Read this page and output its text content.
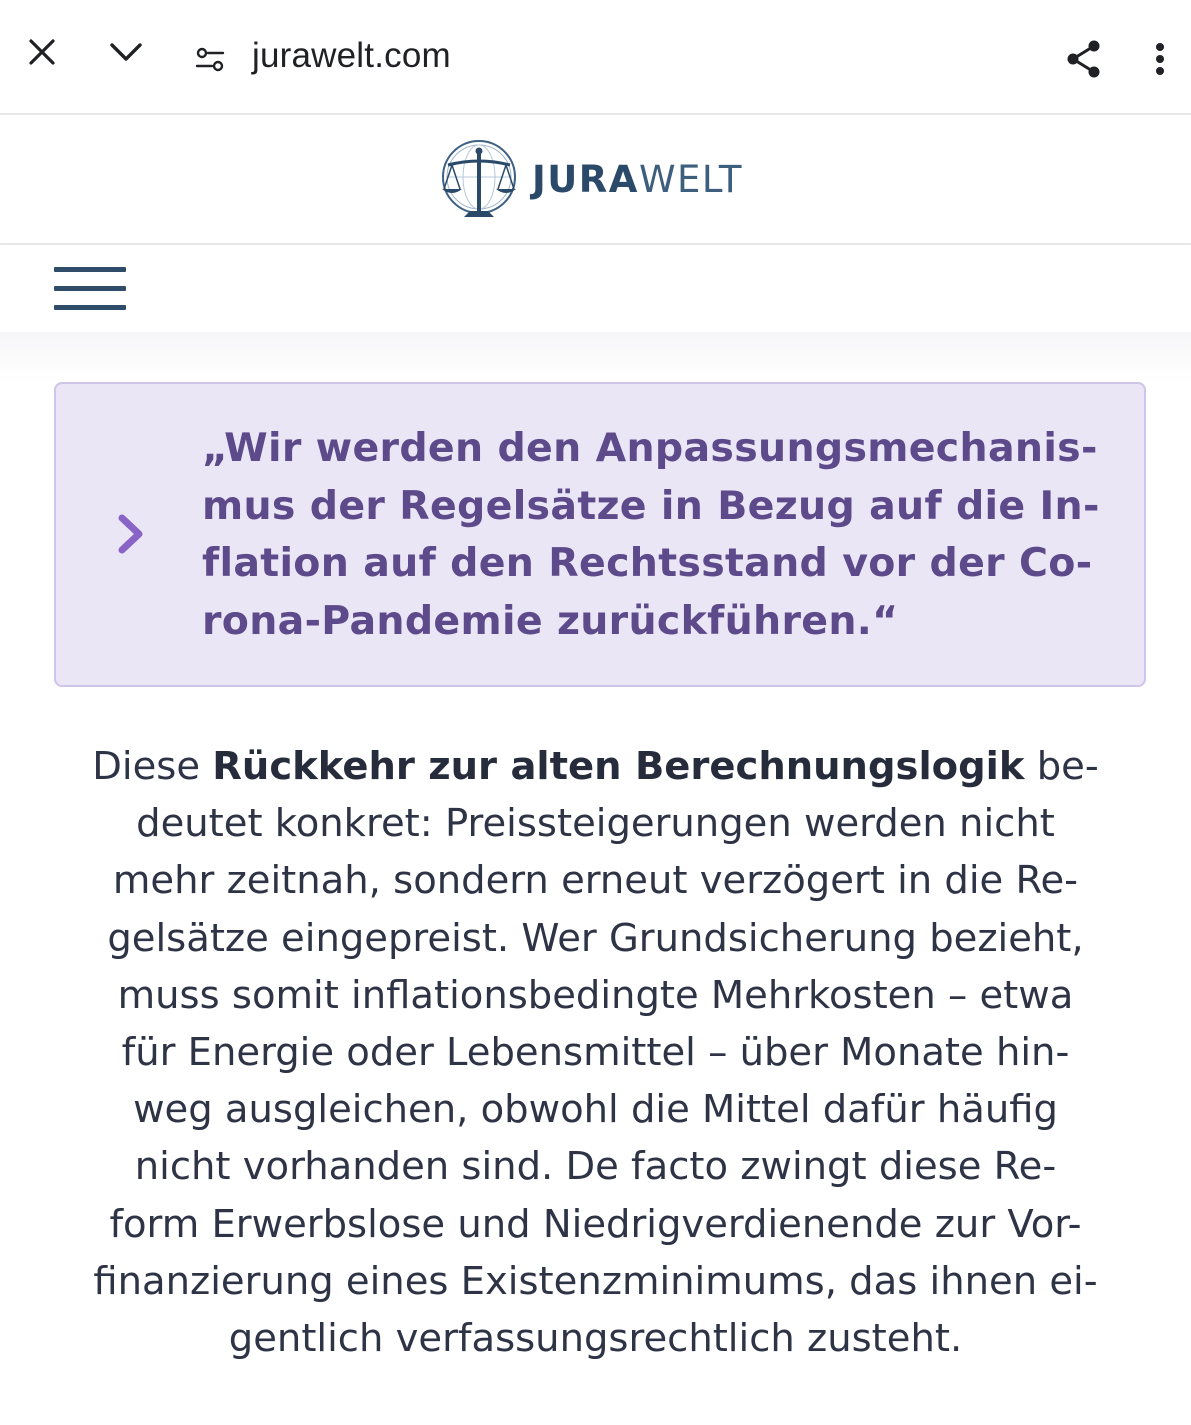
jurawelt.com
JURAWELT

„Wir werden den Anpassungsmechanis-
mus der Regelsätze in Bezug auf die In-
flation auf den Rechtsstand vor der Co-
rona-Pandemie zurückführen.“

Diese Rückkehr zur alten Berechnungslogik be-
deutet konkret: Preissteigerungen werden nicht
mehr zeitnah, sondern erneut verzögert in die Re-
gelsätze eingepreist. Wer Grundsicherung bezieht,
muss somit inflationsbedingte Mehrkosten – etwa
für Energie oder Lebensmittel – über Monate hin-
weg ausgleichen, obwohl die Mittel dafür häufig
nicht vorhanden sind. De facto zwingt diese Re-
form Erwerbslose und Niedrigverdienende zur Vor-
finanzierung eines Existenzminimums, das ihnen ei-
gentlich verfassungsrechtlich zusteht.
